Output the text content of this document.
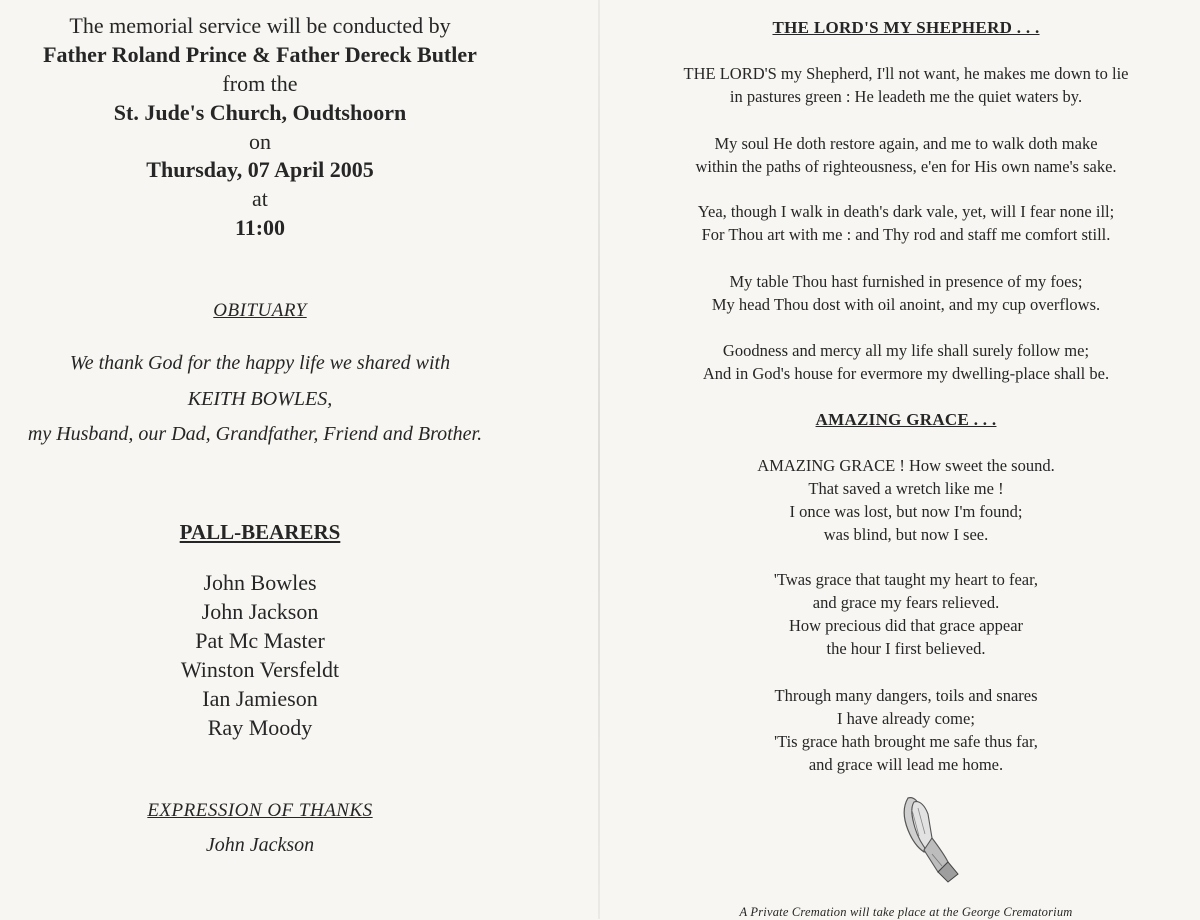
The memorial service will be conducted by

Father Roland Prince & Father Dereck Butler

from the

St. Jude's Church, Oudtshoorn

on

Thursday, 07 April 2005

at

11:00

OBITUARY

We thank God for the happy life we shared with

KEITH BOWLES,

my Husband, our Dad, Grandfather, Friend and Brother.

PALL-BEARERS

John Bowles
John Jackson
Pat Mc Master
Winston Versfeldt
Ian Jamieson
Ray Moody

EXPRESSION OF THANKS

John Jackson

THE LORD'S MY SHEPHERD . . .

THE LORD'S my Shepherd, I'll not want, he makes me down to lie
in pastures green : He leadeth me the quiet waters by.
My soul He doth restore again, and me to walk doth make
within the paths of righteousness, e'en for His own name's sake.
Yea, though I walk in death's dark vale, yet, will I fear none ill;
For Thou art with me : and Thy rod and staff me comfort still.
My table Thou hast furnished in presence of my foes;
My head Thou dost with oil anoint, and my cup overflows.
Goodness and mercy all my life shall surely follow me;
And in God's house for evermore my dwelling-place shall be.

AMAZING GRACE . . .

AMAZING GRACE ! How sweet the sound.
That saved a wretch like me !
I once was lost, but now I'm found;
was blind, but now I see.
'Twas grace that taught my heart to fear,
and grace my fears relieved.
How precious did that grace appear
the hour I first believed.
Through many dangers, toils and snares
I have already come;
'Tis grace hath brought me safe thus far,
and grace will lead me home.

A Private Cremation will take place at the George Crematorium
